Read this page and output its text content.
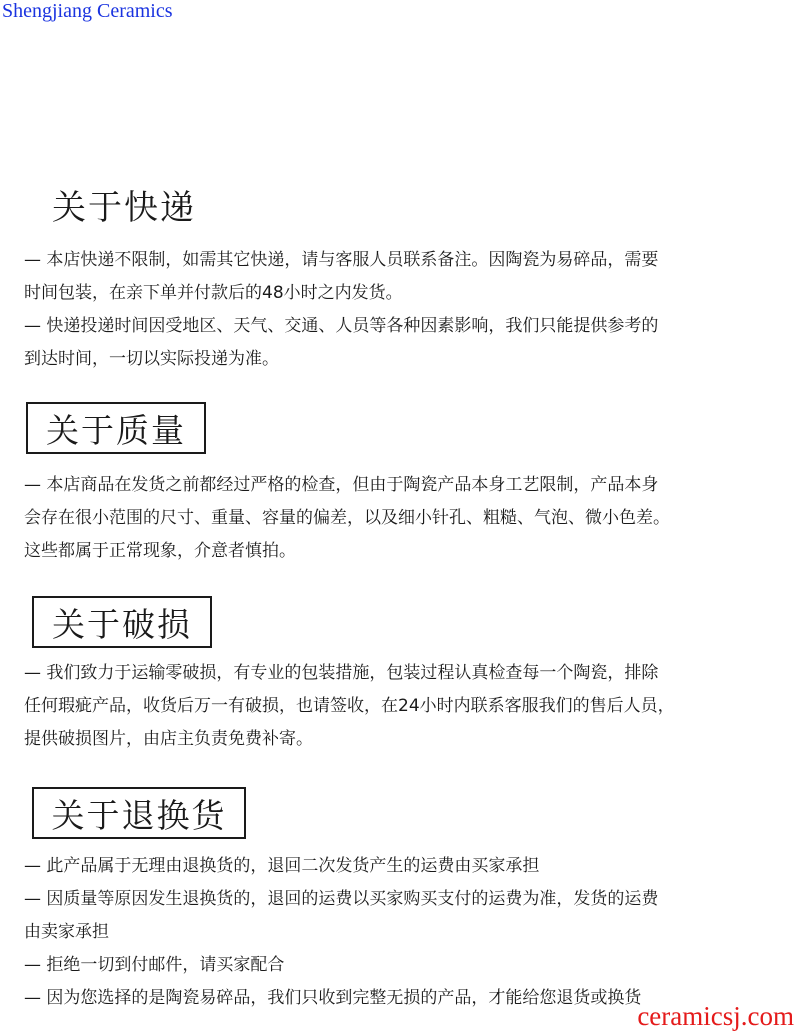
Shengjiang Ceramics
关于快递
— 本店快递不限制，如需其它快递，请与客服人员联系备注。因陶瓷为易碎品，需要
时间包装，在亲下单并付款后的48小时之内发货。
— 快递投递时间因受地区、天气、交通、人员等各种因素影响，我们只能提供参考的
到达时间，一切以实际投递为准。
关于质量
— 本店商品在发货之前都经过严格的检查，但由于陶瓷产品本身工艺限制，产品本身
会存在很小范围的尺寸、重量、容量的偏差，以及细小针孔、粗糙、气泡、微小色差。
这些都属于正常现象，介意者慎拍。
关于破损
— 我们致力于运输零破损，有专业的包装措施，包装过程认真检查每一个陶瓷，排除
任何瑕疵产品，收货后万一有破损，也请签收，在24小时内联系客服我们的售后人员，
提供破损图片，由店主负责免费补寄。
关于退换货
— 此产品属于无理由退换货的，退回二次发货产生的运费由买家承担
— 因质量等原因发生退换货的，退回的运费以买家购买支付的运费为准，发货的运费
由卖家承担
— 拒绝一切到付邮件，请买家配合
— 因为您选择的是陶瓷易碎品，我们只收到完整无损的产品，才能给您退货或换货
ceramicsj.com
